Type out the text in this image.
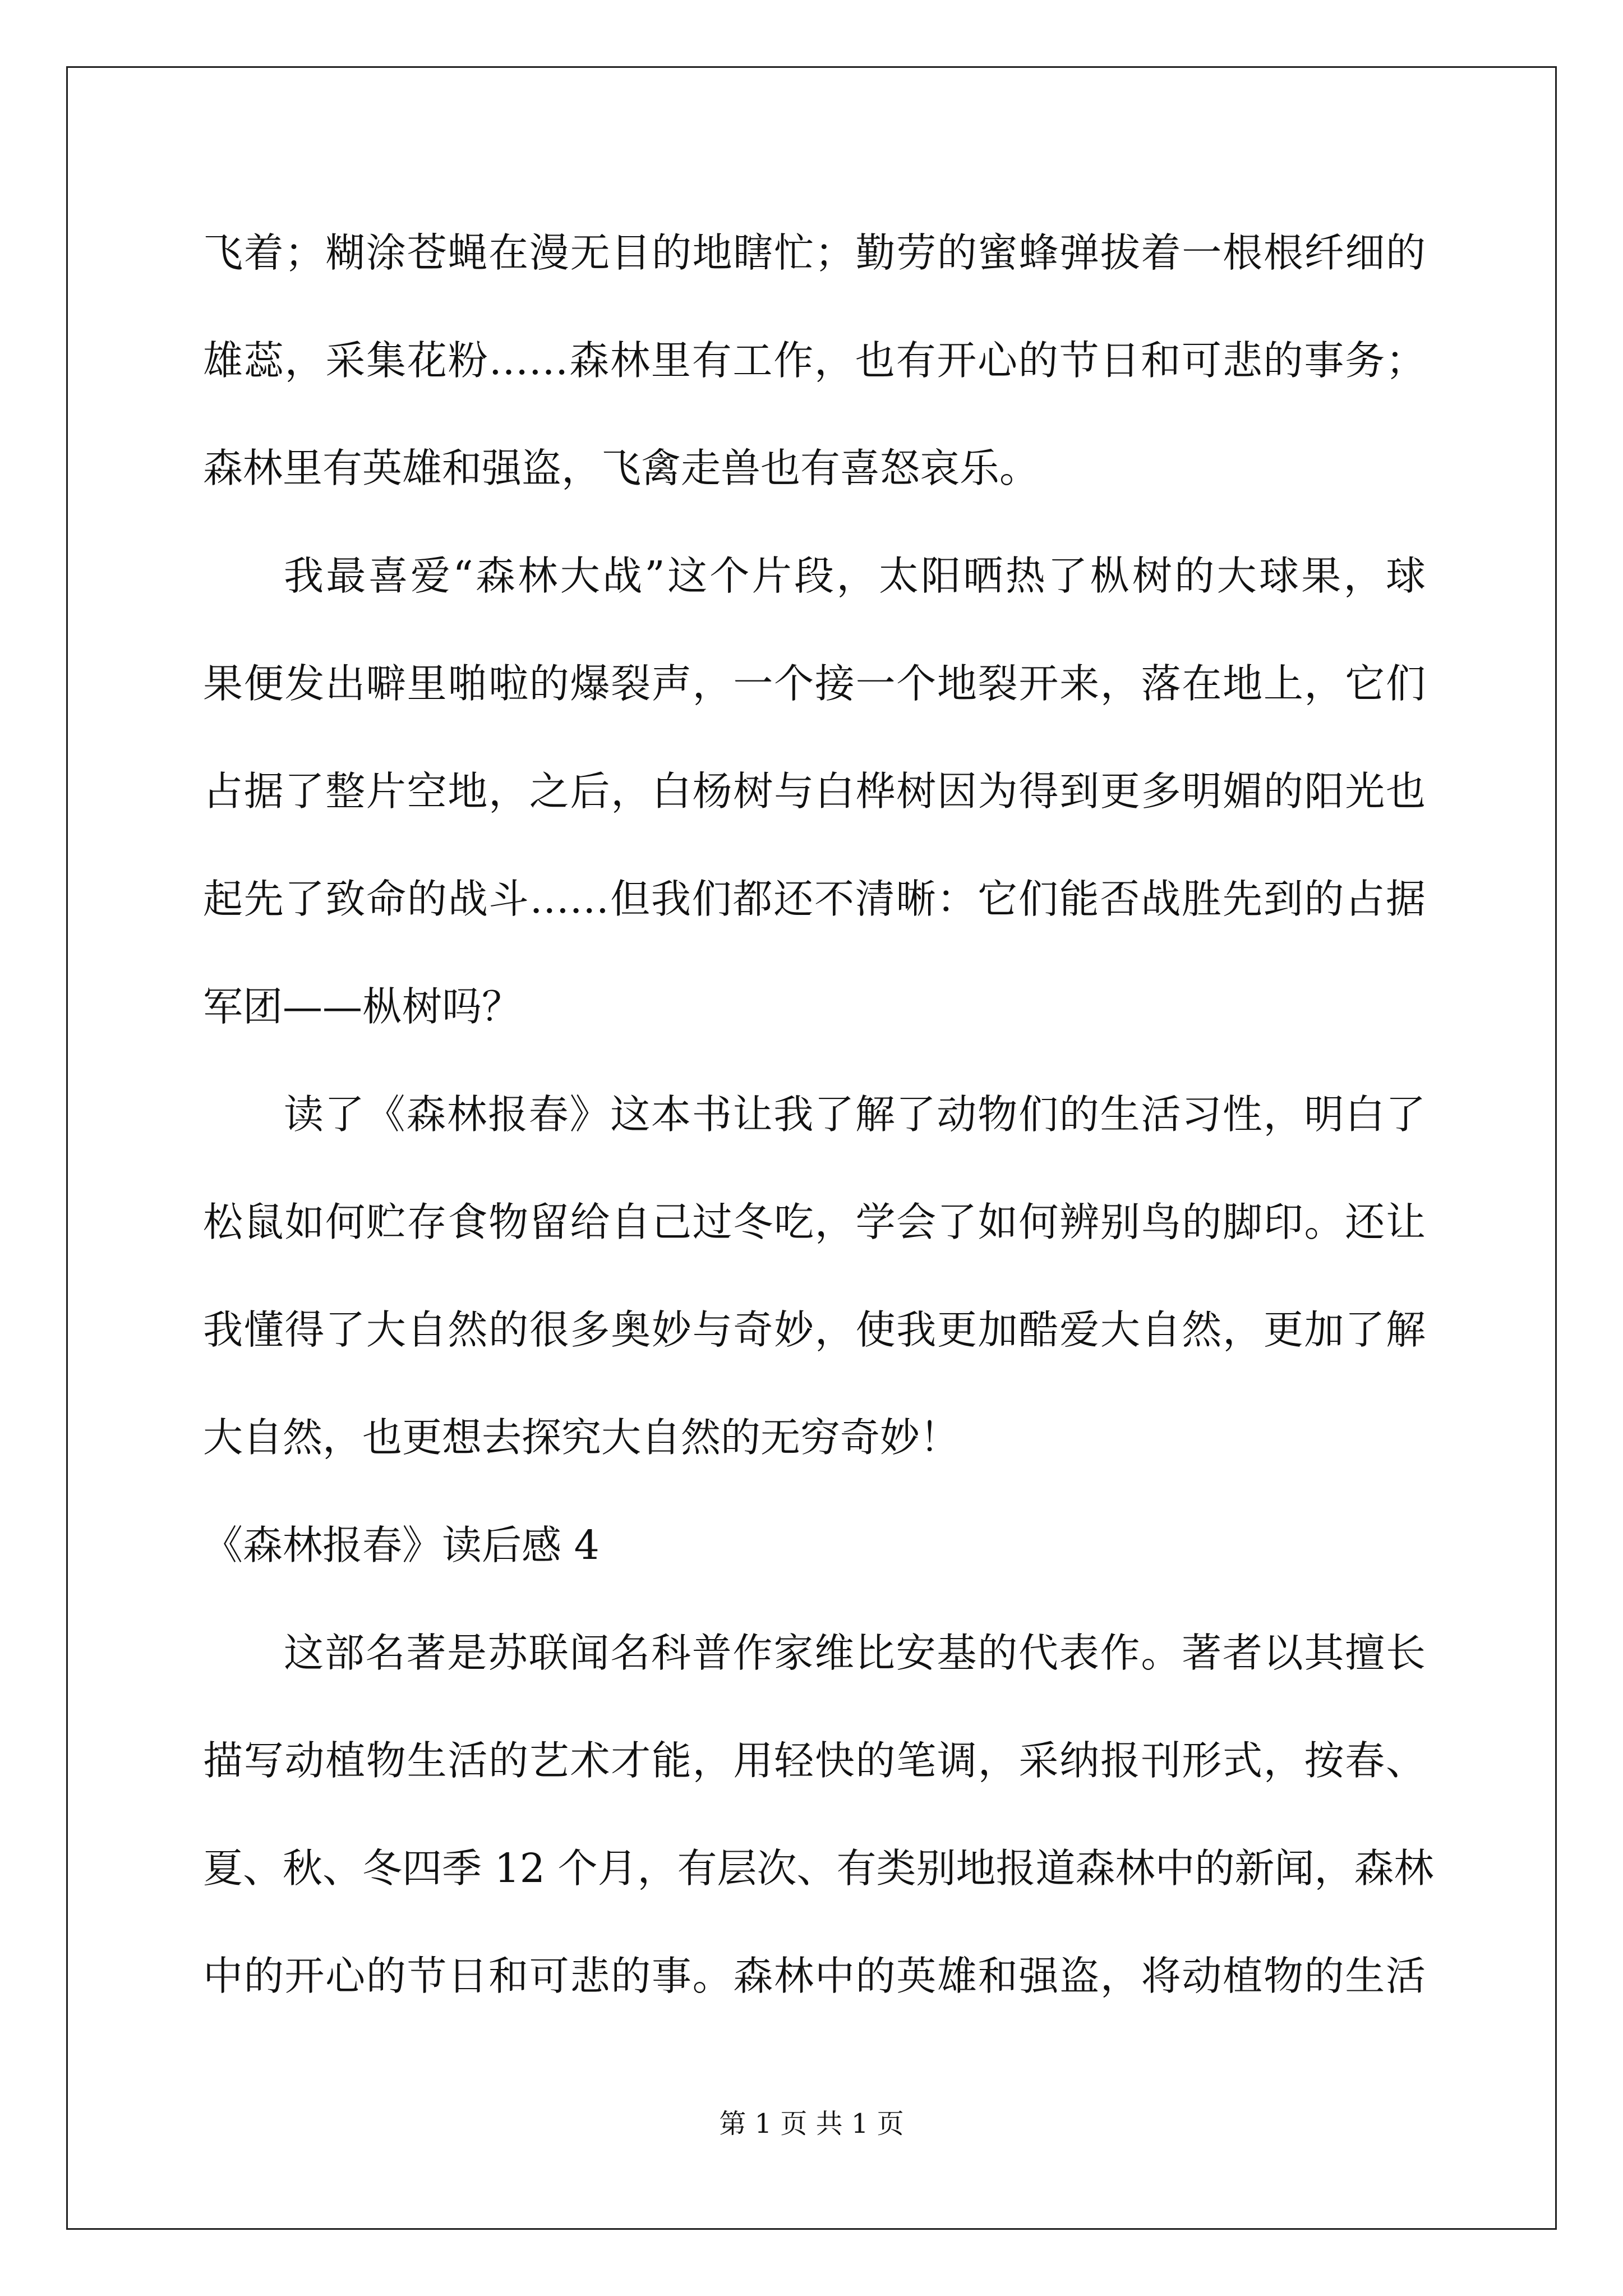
飞着；糊涂苍蝇在漫无目的地瞎忙；勤劳的蜜蜂弹拔着一根根纤细的
雄蕊，采集花粉……森林里有工作，也有开心的节日和可悲的事务；
森林里有英雄和强盗，飞禽走兽也有喜怒哀乐。
我最喜爱“森林大战”这个片段，太阳晒热了枞树的大球果，球
果便发出噼里啪啦的爆裂声，一个接一个地裂开来，落在地上，它们
占据了整片空地，之后，白杨树与白桦树因为得到更多明媚的阳光也
起先了致命的战斗……但我们都还不清晰：它们能否战胜先到的占据
军团——枞树吗？
读了《森林报春》这本书让我了解了动物们的生活习性，明白了
松鼠如何贮存食物留给自己过冬吃，学会了如何辨别鸟的脚印。还让
我懂得了大自然的很多奥妙与奇妙，使我更加酷爱大自然，更加了解
大自然，也更想去探究大自然的无穷奇妙！
《森林报春》读后感 4
这部名著是苏联闻名科普作家维比安基的代表作。著者以其擅长
描写动植物生活的艺术才能，用轻快的笔调，采纳报刊形式，按春、
夏、秋、冬四季 12 个月，有层次、有类别地报道森林中的新闻，森林
中的开心的节日和可悲的事。森林中的英雄和强盗，将动植物的生活
第 1 页 共 1 页
